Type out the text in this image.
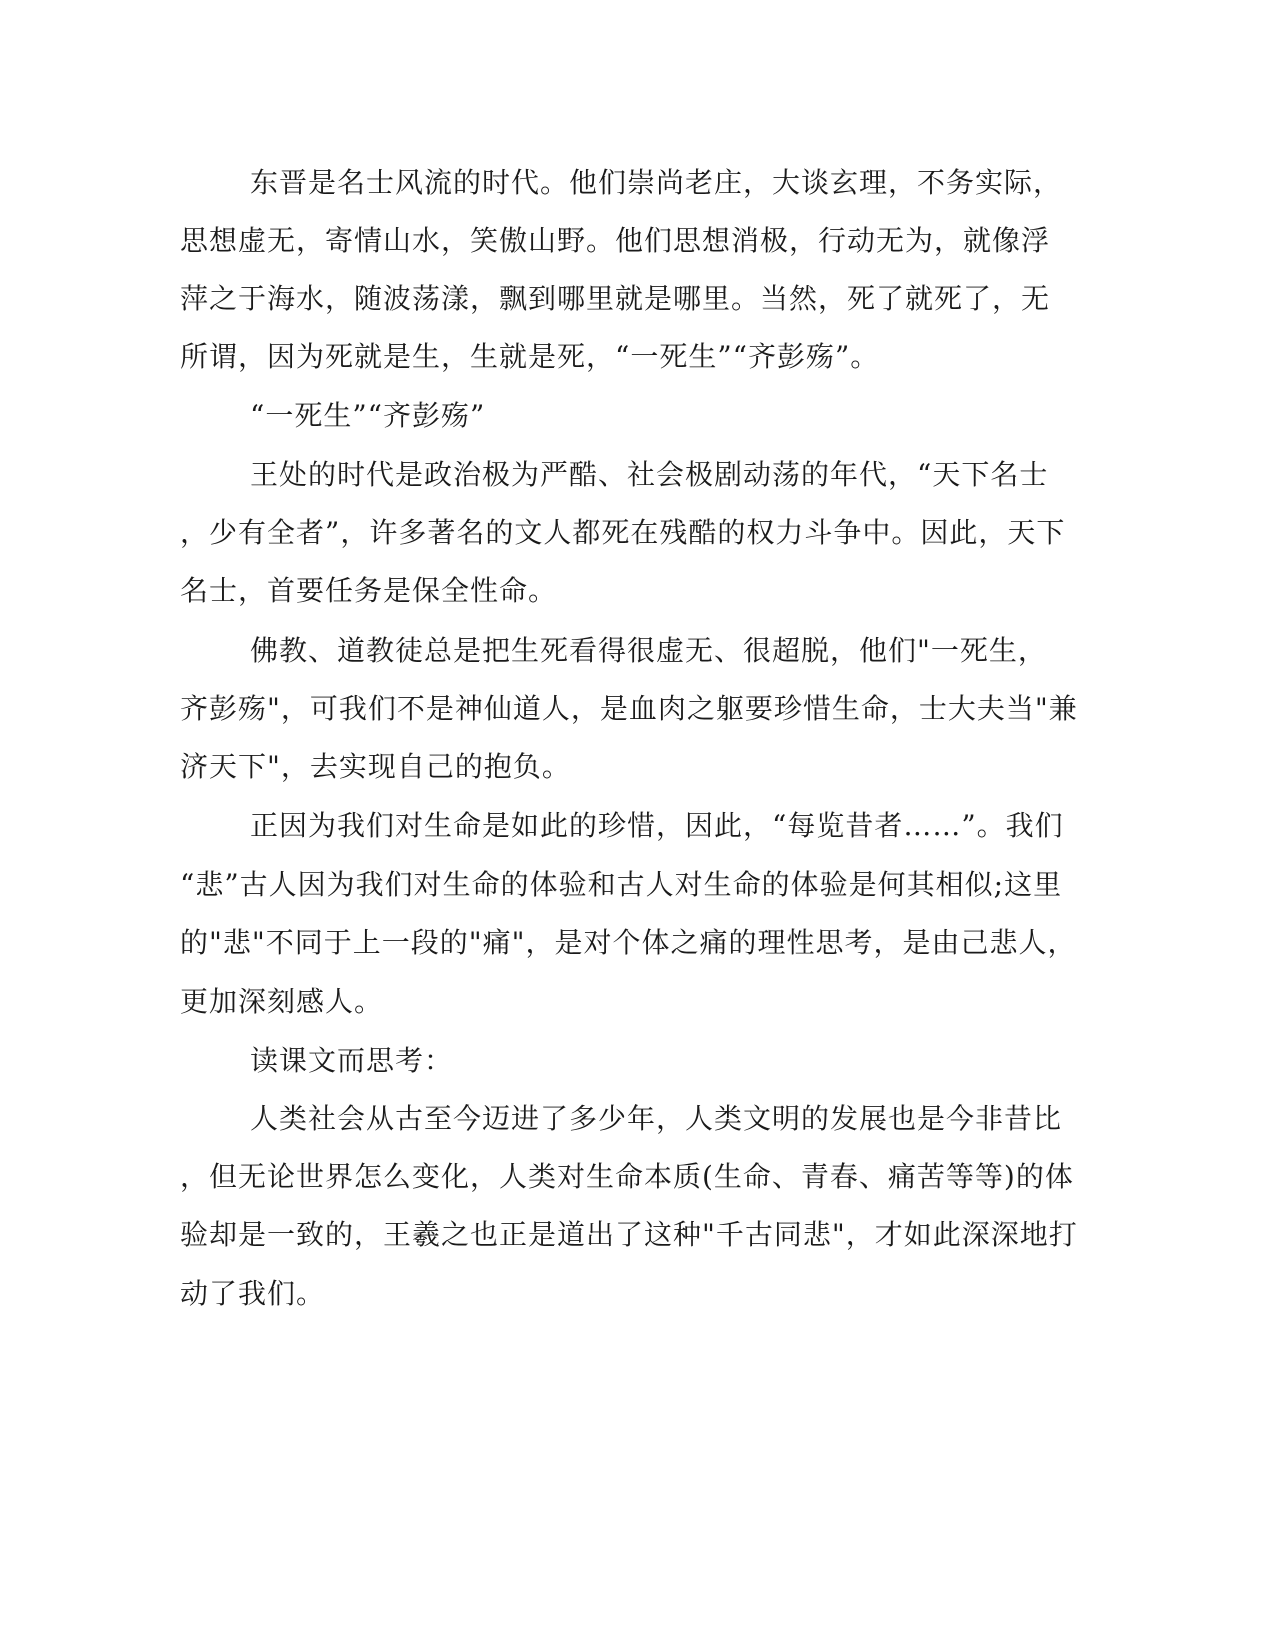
东晋是名士风流的时代。他们崇尚老庄，大谈玄理，不务实际，
思想虚无，寄情山水，笑傲山野。他们思想消极，行动无为，就像浮
萍之于海水，随波荡漾，飘到哪里就是哪里。当然，死了就死了，无
所谓，因为死就是生，生就是死，“一死生”“齐彭殇”。
“一死生”“齐彭殇”
王处的时代是政治极为严酷、社会极剧动荡的年代，“天下名士
，少有全者”，许多著名的文人都死在残酷的权力斗争中。因此，天下
名士，首要任务是保全性命。
佛教、道教徒总是把生死看得很虚无、很超脱，他们"一死生，
齐彭殇"，可我们不是神仙道人，是血肉之躯要珍惜生命，士大夫当"兼
济天下"，去实现自己的抱负。
正因为我们对生命是如此的珍惜，因此，“每览昔者……”。我们
“悲”古人因为我们对生命的体验和古人对生命的体验是何其相似;这里
的"悲"不同于上一段的"痛"，是对个体之痛的理性思考，是由己悲人，
更加深刻感人。
读课文而思考：
人类社会从古至今迈进了多少年，人类文明的发展也是今非昔比
，但无论世界怎么变化，人类对生命本质(生命、青春、痛苦等等)的体
验却是一致的，王羲之也正是道出了这种"千古同悲"，才如此深深地打
动了我们。
